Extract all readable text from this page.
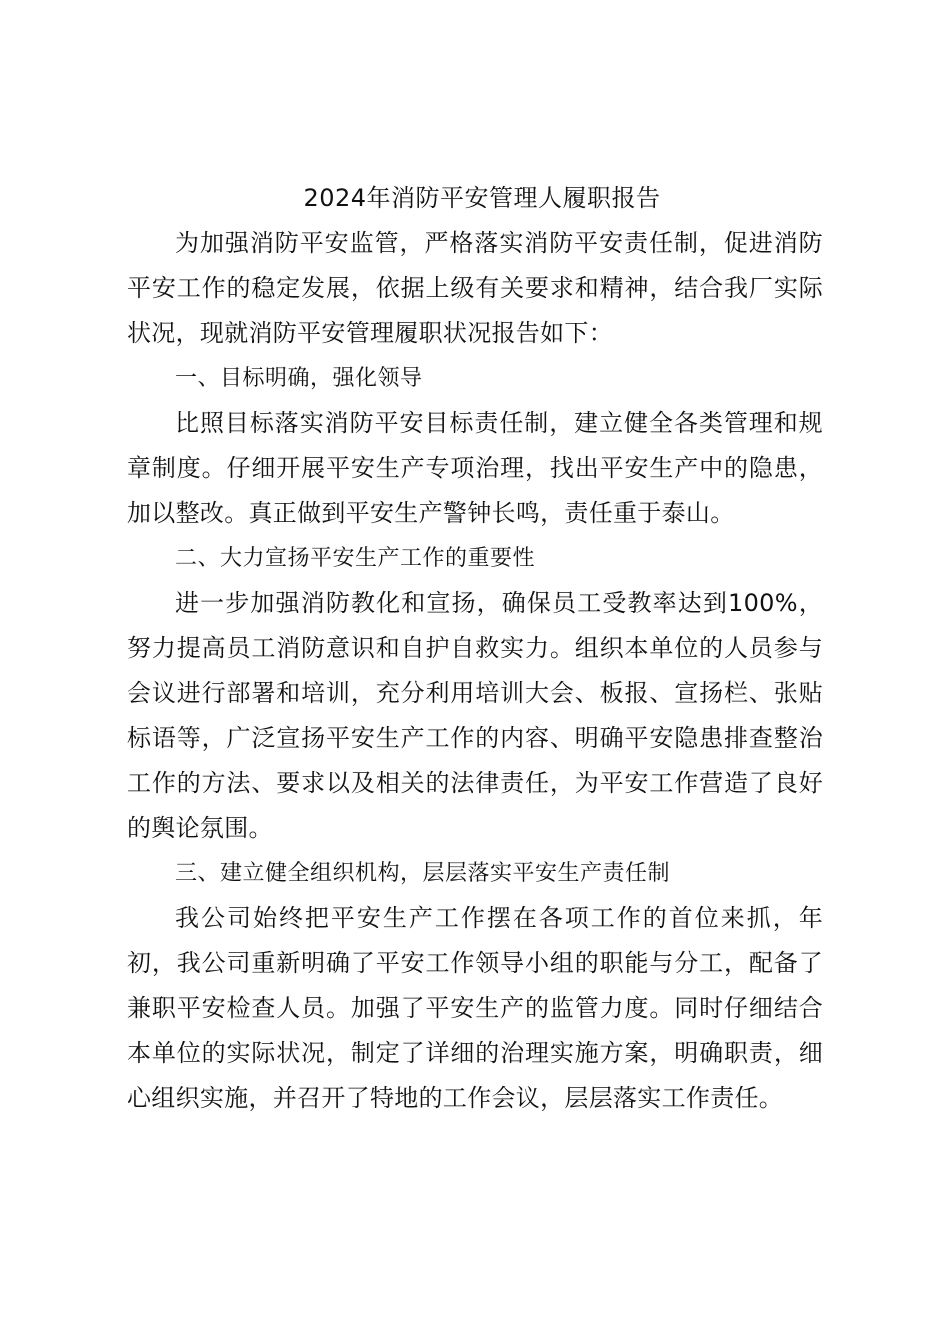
2024年消防平安管理人履职报告

为加强消防平安监管，严格落实消防平安责任制，促进消防平安工作的稳定发展，依据上级有关要求和精神，结合我厂实际状况，现就消防平安管理履职状况报告如下：

一、目标明确，强化领导

比照目标落实消防平安目标责任制，建立健全各类管理和规章制度。仔细开展平安生产专项治理，找出平安生产中的隐患，加以整改。真正做到平安生产警钟长鸣，责任重于泰山。

二、大力宣扬平安生产工作的重要性

进一步加强消防教化和宣扬，确保员工受教率达到100%，努力提高员工消防意识和自护自救实力。组织本单位的人员参与会议进行部署和培训，充分利用培训大会、板报、宣扬栏、张贴标语等，广泛宣扬平安生产工作的内容、明确平安隐患排查整治工作的方法、要求以及相关的法律责任，为平安工作营造了良好的舆论氛围。

三、建立健全组织机构，层层落实平安生产责任制

我公司始终把平安生产工作摆在各项工作的首位来抓，年初，我公司重新明确了平安工作领导小组的职能与分工，配备了兼职平安检查人员。加强了平安生产的监管力度。同时仔细结合本单位的实际状况，制定了详细的治理实施方案，明确职责，细心组织实施，并召开了特地的工作会议，层层落实工作责任。
